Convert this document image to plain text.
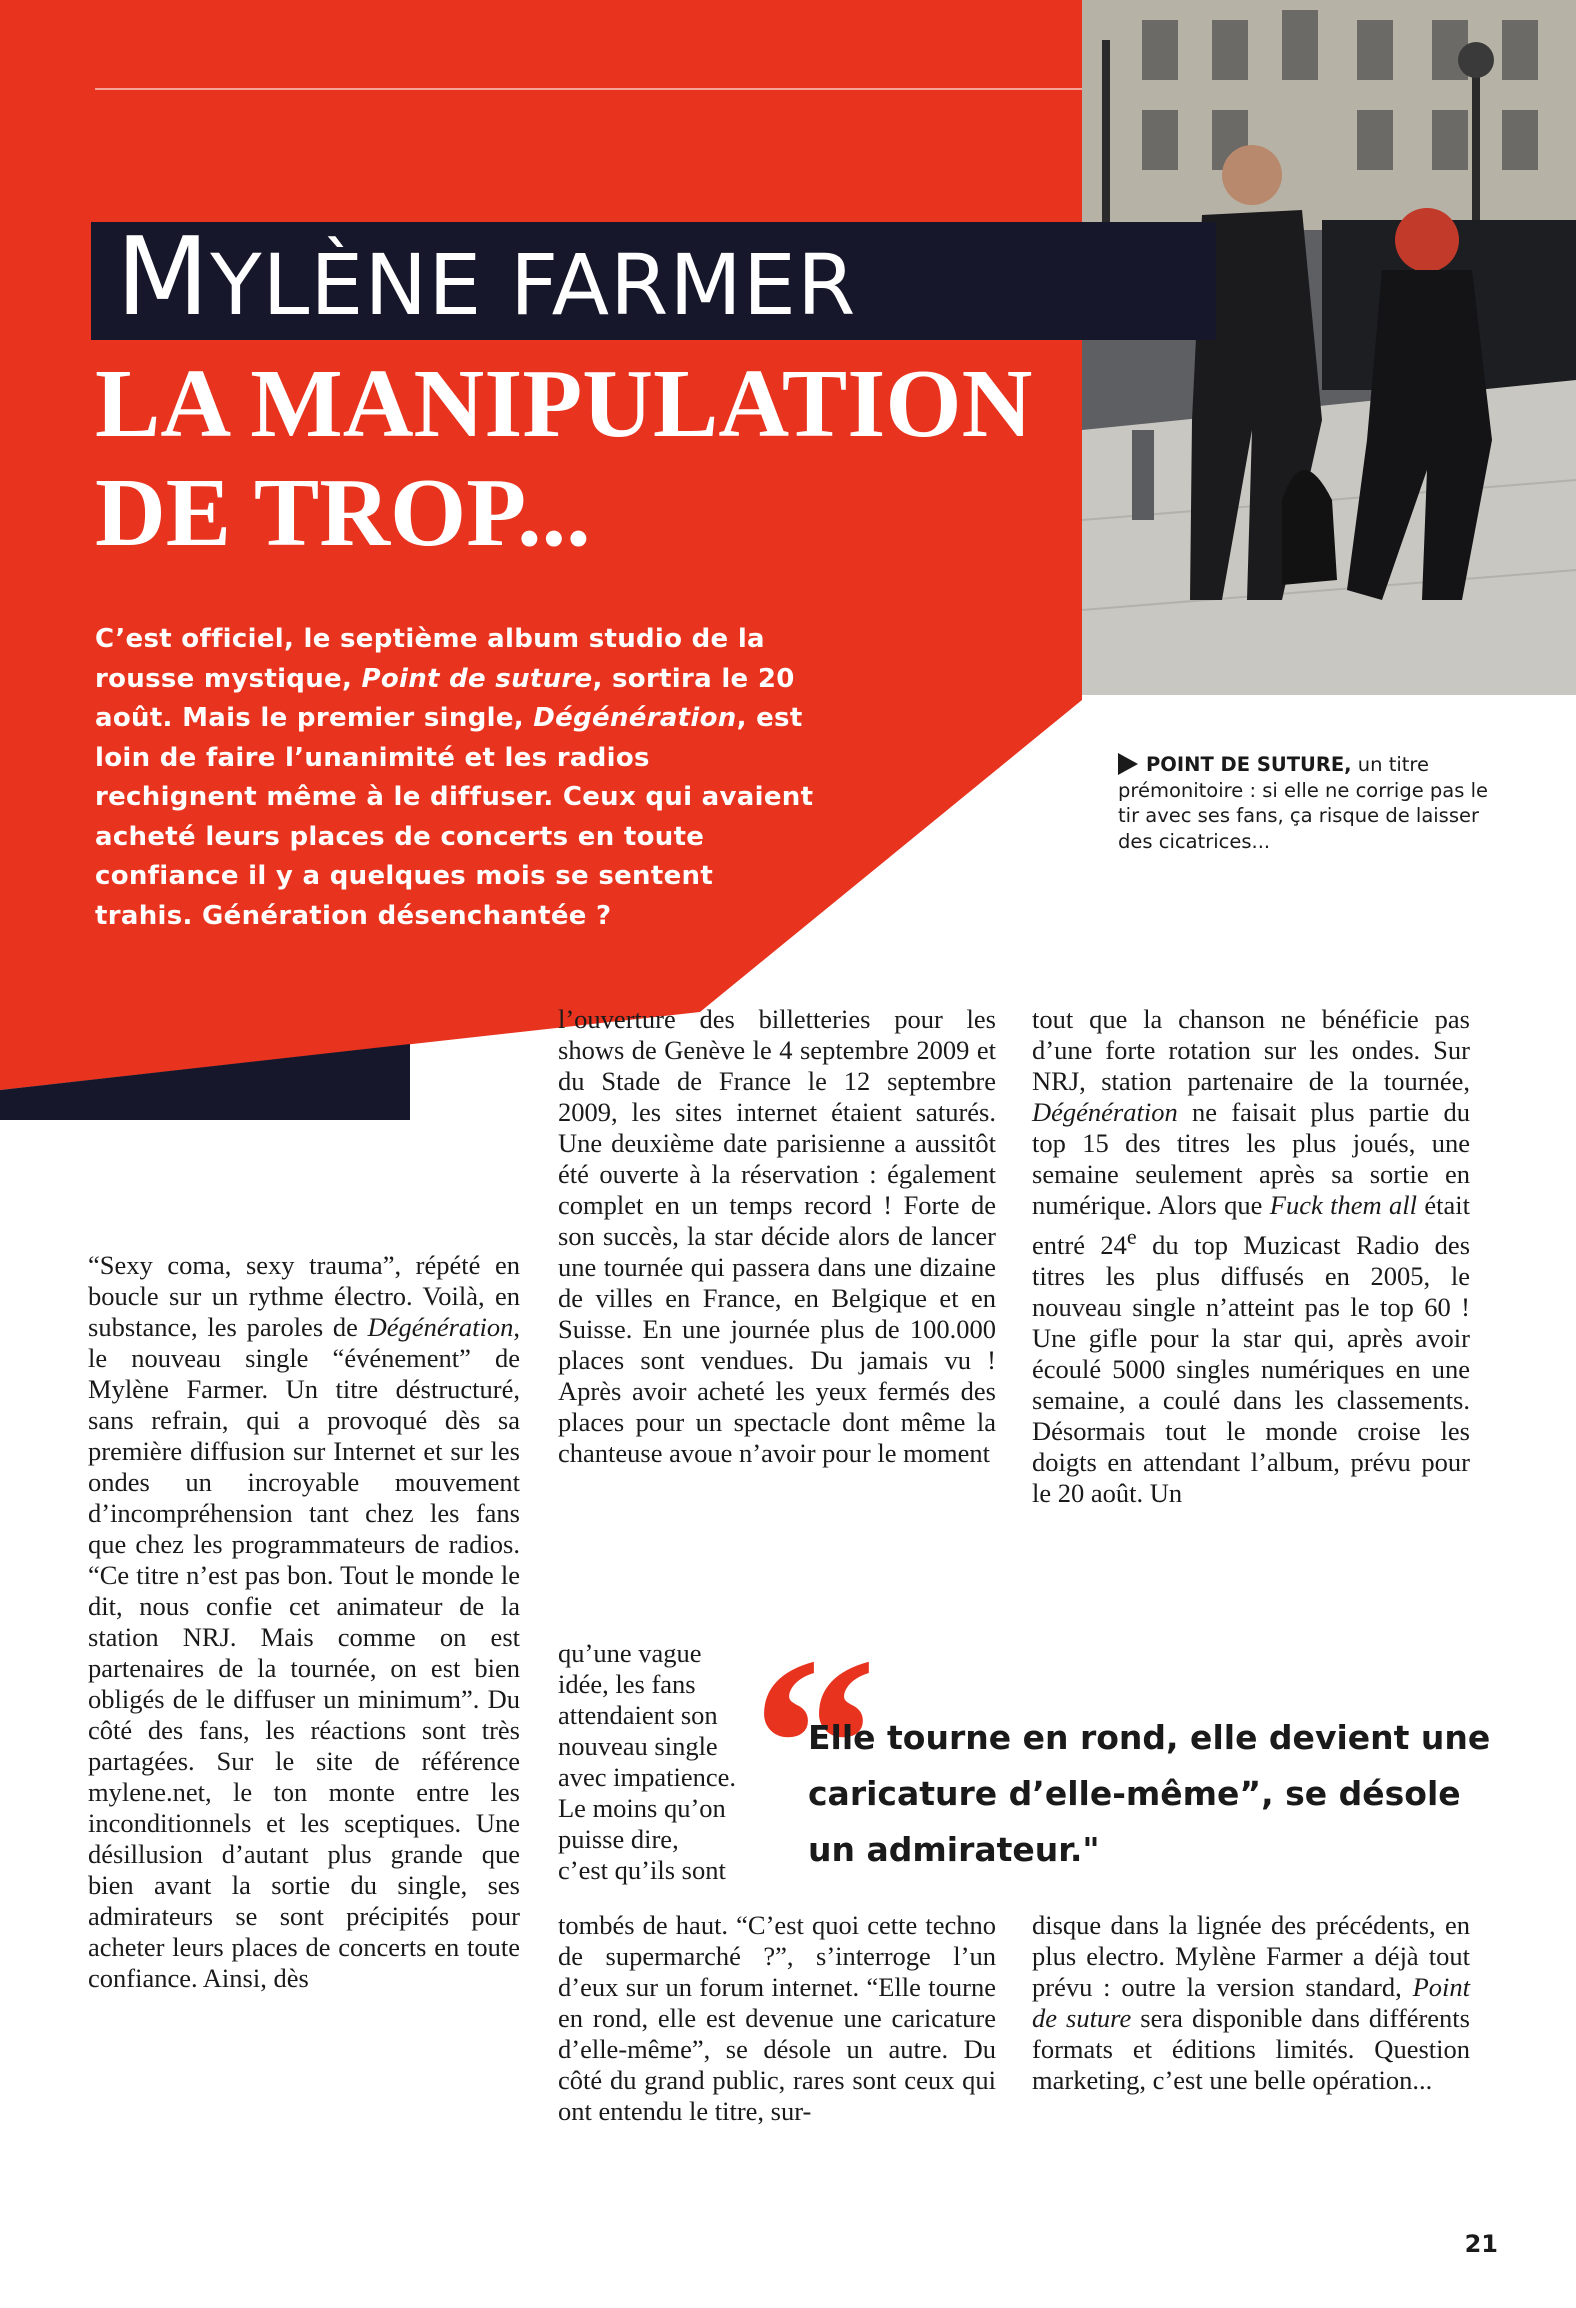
POINT DE SUTURE, un titre prémonitoire : si elle ne corrige pas le tir avec ses fans, ça risque de laisser des cicatrices...
MYLÈNE FARMER
LA MANIPULATION
DE TROP...
C’est officiel, le septième album studio de la rousse mystique, Point de suture, sortira le 20 août. Mais le premier single, Dégénération, est loin de faire l’unanimité et les radios rechignent même à le diffuser. Ceux qui avaient acheté leurs places de concerts en toute confiance il y a quelques mois se sentent trahis. Génération désenchantée ?

“Sexy coma, sexy trauma”, répété en boucle sur un rythme électro. Voilà, en substance, les paroles de Dégénération, le nouveau single “événement” de Mylène Farmer. Un titre déstructuré, sans refrain, qui a provoqué dès sa première diffusion sur Internet et sur les ondes un incroyable mouvement d’incompréhension tant chez les fans que chez les programmateurs de radios. “Ce titre n’est pas bon. Tout le monde le dit, nous confie cet animateur de la station NRJ. Mais comme on est partenaires de la tournée, on est bien obligés de le diffuser un minimum”. Du côté des fans, les réactions sont très partagées. Sur le site de référence mylene.net, le ton monte entre les inconditionnels et les sceptiques. Une désillusion d’autant plus grande que bien avant la sortie du single, ses admirateurs se sont précipités pour acheter leurs places de concerts en toute confiance. Ainsi, dès

l’ouverture des billetteries pour les shows de Genève le 4 septembre 2009 et du Stade de France le 12 septembre 2009, les sites internet étaient saturés. Une deuxième date parisienne a aussitôt été ouverte à la réservation : également complet en un temps record ! Forte de son succès, la star décide alors de lancer une tournée qui passera dans une dizaine de villes en France, en Belgique et en Suisse. En une journée plus de 100.000 places sont vendues. Du jamais vu ! Après avoir acheté les yeux fermés des places pour un spectacle dont même la chanteuse avoue n’avoir pour le moment

qu’une vague
idée, les fans
attendaient son
nouveau single
avec impatience.
Le moins qu’on
puisse dire,
c’est qu’ils sont

tombés de haut. “C’est quoi cette techno de supermarché ?”, s’interroge l’un d’eux sur un forum internet. “Elle tourne en rond, elle est devenue une caricature d’elle-même”, se désole un autre. Du côté du grand public, rares sont ceux qui ont entendu le titre, sur-

tout que la chanson ne bénéficie pas d’une forte rotation sur les ondes. Sur NRJ, station partenaire de la tournée, Dégénération ne faisait plus partie du top 15 des titres les plus joués, une semaine seulement après sa sortie en numérique. Alors que Fuck them all était entré 24e du top Muzicast Radio des titres les plus diffusés en 2005, le nouveau single n’atteint pas le top 60 ! Une gifle pour la star qui, après avoir écoulé 5000 singles numériques en une semaine, a coulé dans les classements. Désormais tout le monde croise les doigts en attendant l’album, prévu pour le 20 août. Un

disque dans la lignée des précédents, en plus electro. Mylène Farmer a déjà tout prévu : outre la version standard, Point de suture sera disponible dans différents formats et éditions limités. Question marketing, c’est une belle opération...

“
Elle tourne en rond, elle devient une caricature d’elle-même”, se désole un admirateur."
21
